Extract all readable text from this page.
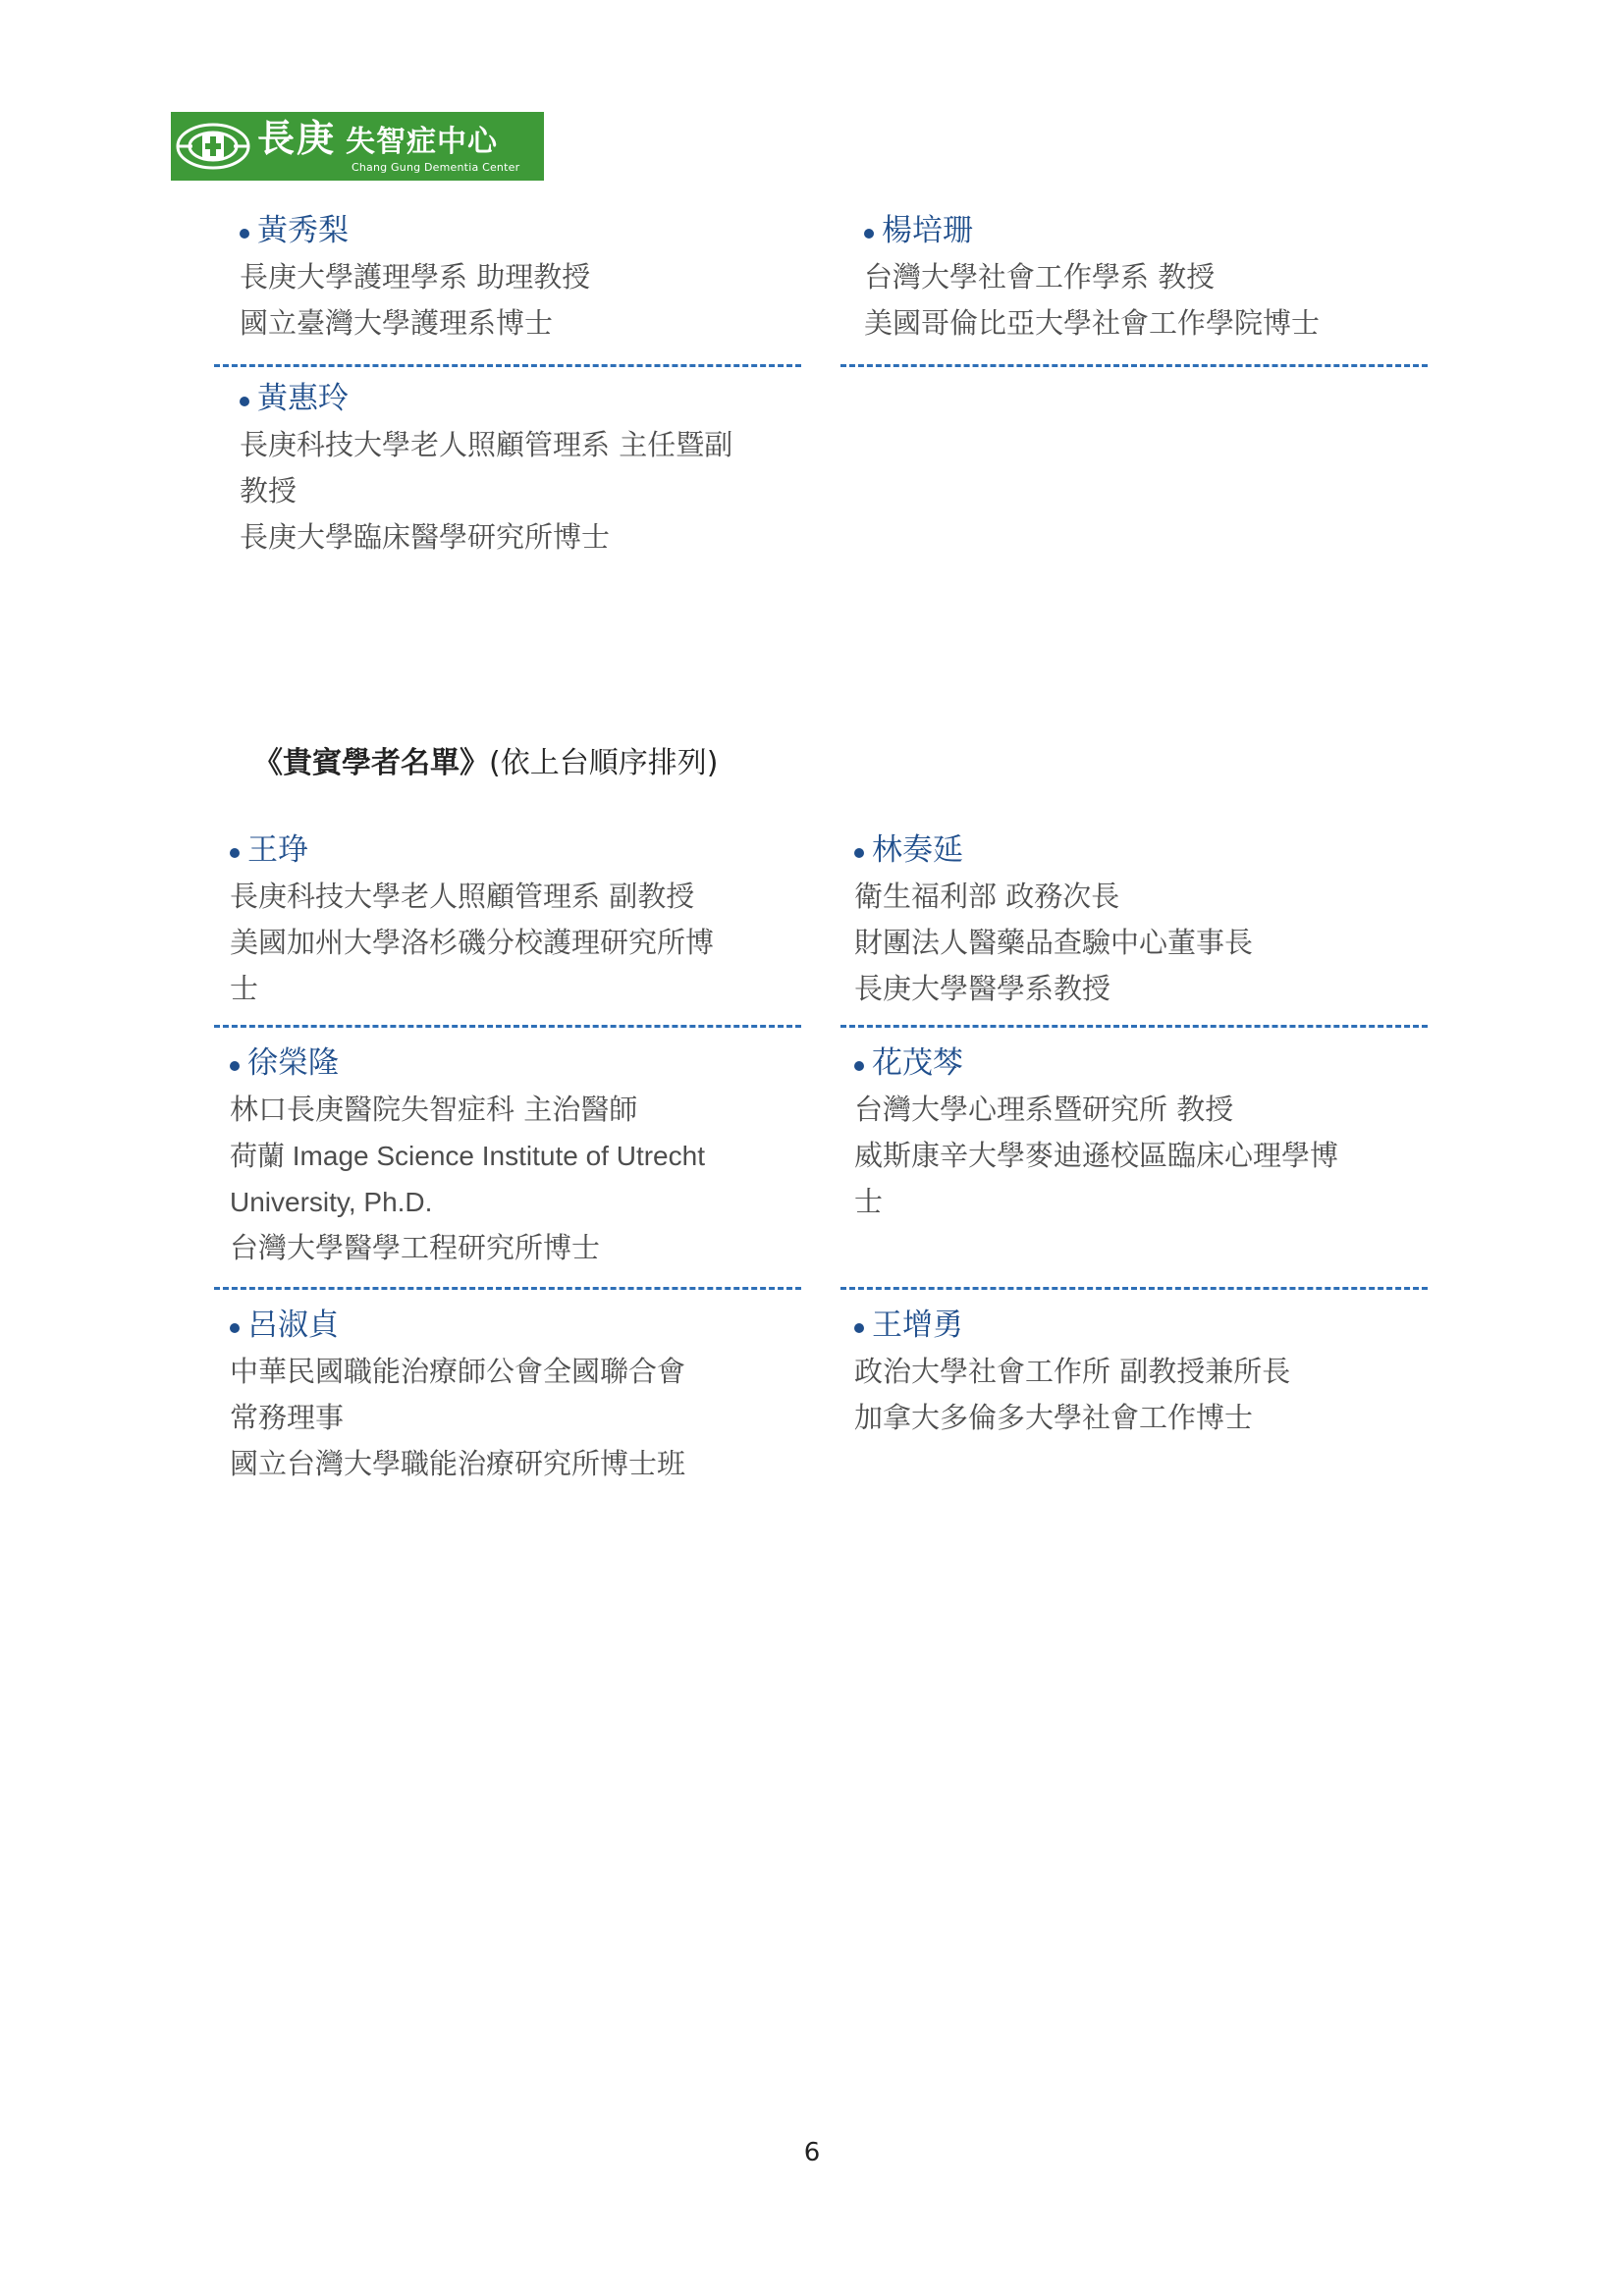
長庚 失智症中心
Chang Gung Dementia Center
黃秀梨
長庚大學護理學系 助理教授
國立臺灣大學護理系博士
楊培珊
台灣大學社會工作學系 教授
美國哥倫比亞大學社會工作學院博士
黃惠玲
長庚科技大學老人照顧管理系 主任暨副
教授
長庚大學臨床醫學研究所博士
《貴賓學者名單》(依上台順序排列)
王琤
長庚科技大學老人照顧管理系 副教授
美國加州大學洛杉磯分校護理研究所博
士
林奏延
衛生福利部 政務次長
財團法人醫藥品查驗中心董事長
長庚大學醫學系教授
徐榮隆
林口長庚醫院失智症科 主治醫師
荷蘭 Image Science Institute of Utrecht
University, Ph.D.
台灣大學醫學工程研究所博士
花茂棽
台灣大學心理系暨研究所 教授
威斯康辛大學麥迪遜校區臨床心理學博
士
呂淑貞
中華民國職能治療師公會全國聯合會
常務理事
國立台灣大學職能治療研究所博士班
王增勇
政治大學社會工作所 副教授兼所長
加拿大多倫多大學社會工作博士
6
